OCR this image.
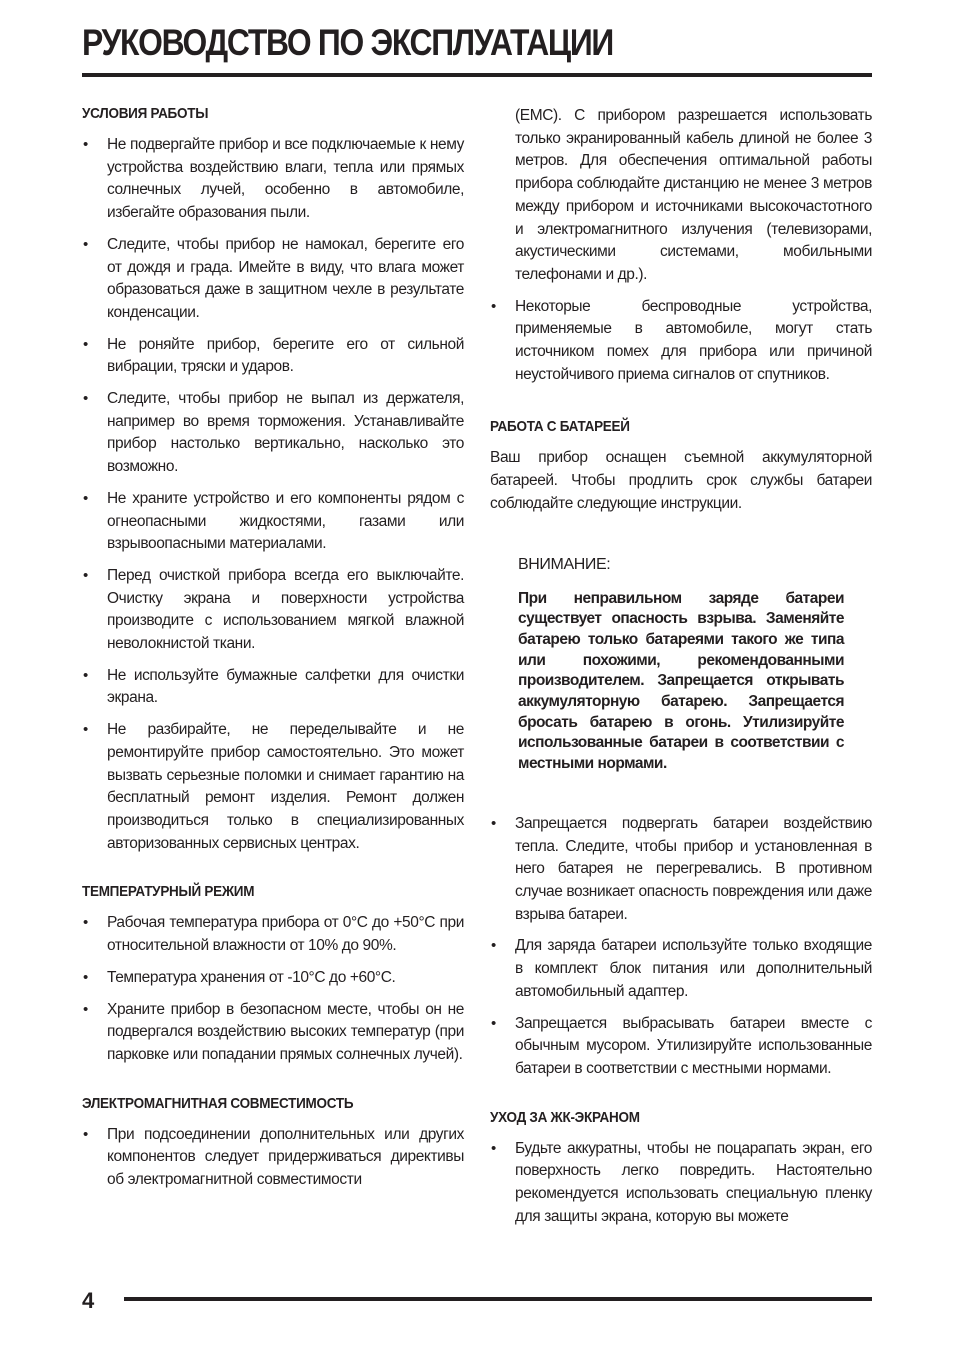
РУКОВОДСТВО ПО ЭКСПЛУАТАЦИИ
УСЛОВИЯ РАБОТЫ
• Не подвергайте прибор и все подключаемые к нему устройства воздействию влаги, тепла или прямых солнечных лучей, особенно в автомобиле, избегайте образования пыли.
• Следите, чтобы прибор не намокал, берегите его от дождя и града. Имейте в виду, что влага может образоваться даже в защитном чехле в результате конденсации.
• Не роняйте прибор, берегите его от сильной вибрации, тряски и ударов.
• Следите, чтобы прибор не выпал из держателя, например во время торможения. Устанавливайте прибор настолько вертикально, насколько это возможно.
• Не храните устройство и его компоненты рядом с огнеопасными жидкостями, газами или взрывоопасными материалами.
• Перед очисткой прибора всегда его выключайте. Очистку экрана и поверхности устройства производите с использованием мягкой влажной неволокнистой ткани.
• Не используйте бумажные салфетки для очистки экрана.
• Не разбирайте, не переделывайте и не ремонтируйте прибор самостоятельно. Это может вызвать серьезные поломки и снимает гарантию на бесплатный ремонт изделия. Ремонт должен производиться только в специализированных авторизованных сервисных центрах.
ТЕМПЕРАТУРНЫЙ РЕЖИМ
• Рабочая температура прибора от 0°С до +50°С при относительной влажности от 10% до 90%.
• Температура хранения от -10°С до +60°С.
• Храните прибор в безопасном месте, чтобы он не подвергался воздействию высоких температур (при парковке или попадании прямых солнечных лучей).
ЭЛЕКТРОМАГНИТНАЯ СОВМЕСТИМОСТЬ
• При подсоединении дополнительных или других компонентов следует придерживаться директивы об электромагнитной совместимости
(EMC). С прибором разрешается использовать только экранированный кабель длиной не более 3 метров. Для обеспечения оптимальной работы прибора соблюдайте дистанцию не менее 3 метров между прибором и источниками высокочастотного и электромагнитного излучения (телевизорами, акустическими системами, мобильными телефонами и др.).
• Некоторые беспроводные устройства, применяемые в автомобиле, могут стать источником помех для прибора или причиной неустойчивого приема сигналов от спутников.
РАБОТА С БАТАРЕЕЙ

Ваш прибор оснащен съемной аккумуляторной батареей. Чтобы продлить срок службы батареи соблюдайте следующие инструкции.

ВНИМАНИЕ:

При неправильном заряде батареи существует опасность взрыва. Заменяйте батарею только батареями такого же типа или похожими, рекомендованными производителем. Запрещается открывать аккумуляторную батарею. Запрещается бросать батарею в огонь. Утилизируйте использованные батареи в соответствии с местными нормами.

• Запрещается подвергать батареи воздействию тепла. Следите, чтобы прибор и установленная в него батарея не перегревались. В противном случае возникает опасность повреждения или даже взрыва батареи.
• Для заряда батареи используйте только входящие в комплект блок питания или дополнительный автомобильный адаптер.
• Запрещается выбрасывать батареи вместе с обычным мусором. Утилизируйте использованные батареи в соответствии с местными нормами.
УХОД ЗА ЖК-ЭКРАНОМ
• Будьте аккуратны, чтобы не поцарапать экран, его поверхность легко повредить. Настоятельно рекомендуется использовать специальную пленку для защиты экрана, которую вы можете
4
